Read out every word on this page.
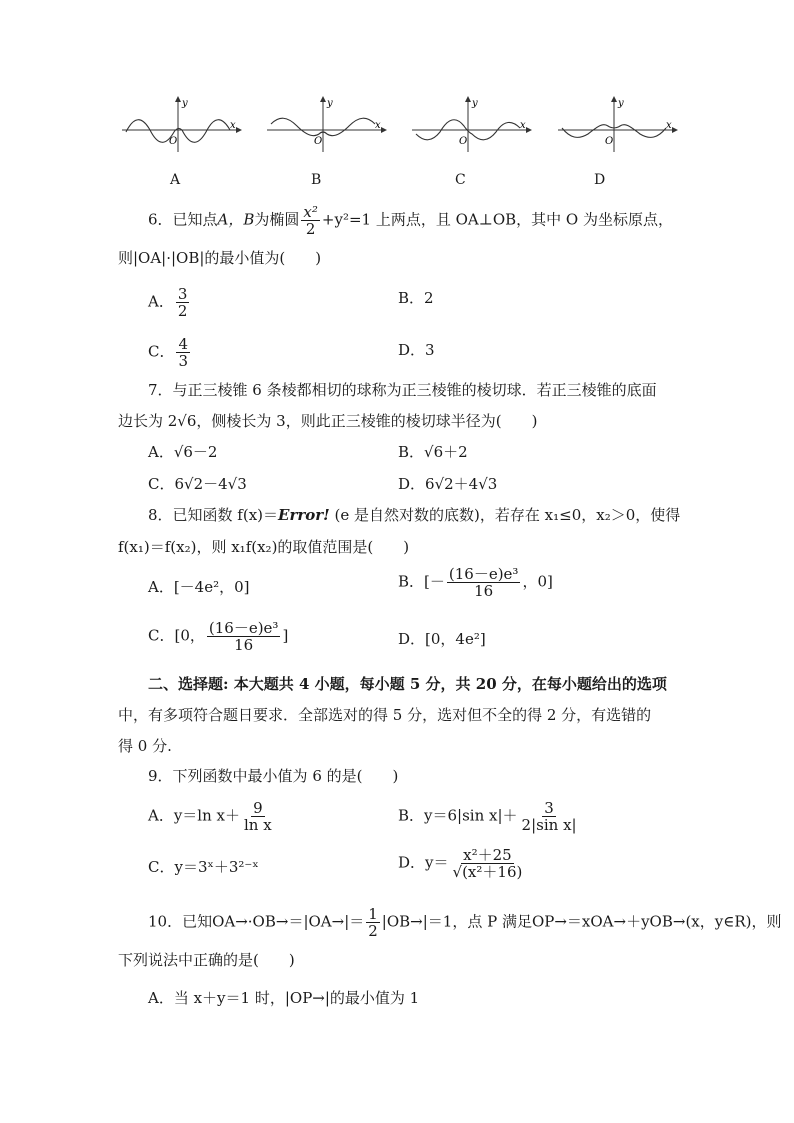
x
y
O
x
y
O
x
y
O
x
y
O
A	B	C	D
6．已知点A，B为椭圆 $\frac{\text{x²}}{2} +y^2=1$ 上两点，且 OA⊥OB，其中 O 为坐标原点，
则|OA|·|OB|的最小值为(　　)
A． $\frac{3}{2}$	B．2
C． $\frac{4}{3}$	D．3
7．与正三棱锥 6 条棱都相切的球称为正三棱锥的棱切球．若正三棱锥的底面
边长为 2√6，侧棱长为 3，则此正三棱锥的棱切球半径为(　　)
A．√6－2	B．√6＋2
C．6√2－4√3	D．6√2＋4√3
8．已知函数 f(x)＝Error! (e 是自然对数的底数)，若存在 x₁≤0，x₂＞0，使得
f(x₁)＝f(x₂)，则 x₁f(x₂)的取值范围是(　　)
A．[－4e²，0]	B．[－ $\frac{\text{(16－e)e³}}{16}$ ，0]
C．[0， $\frac{\text{(16－e)e³}}{16}$ ]	D．[0，4e²]
二、选择题: 本大题共 4 小题，每小题 5 分，共 20 分，在每小题给出的选项
中，有多项符合题日要求．全部选对的得 5 分，选对但不全的得 2 分，有选错的
得 0 分.
9．下列函数中最小值为 6 的是(　　)
A．y＝ln $x+ \frac{9}{\text{ln x}}$	B．y＝6|sin $x|+ \frac{3}{\text{2|sin x|}}$
C．y＝3ˣ＋3²⁻ˣ	D．$y= \frac{\text{x²＋25}}{\text{√(x²＋16)}}$
10．已知$OA\to\cdot OB\to=|OA\to|= \frac{1}{2} |OB\to|=1$，点 P 满足OP→＝xOA→＋yOB→(x，y∈R)，则
下列说法中正确的是(　　)
A．当 x＋y＝1 时，|OP→|的最小值为 1
